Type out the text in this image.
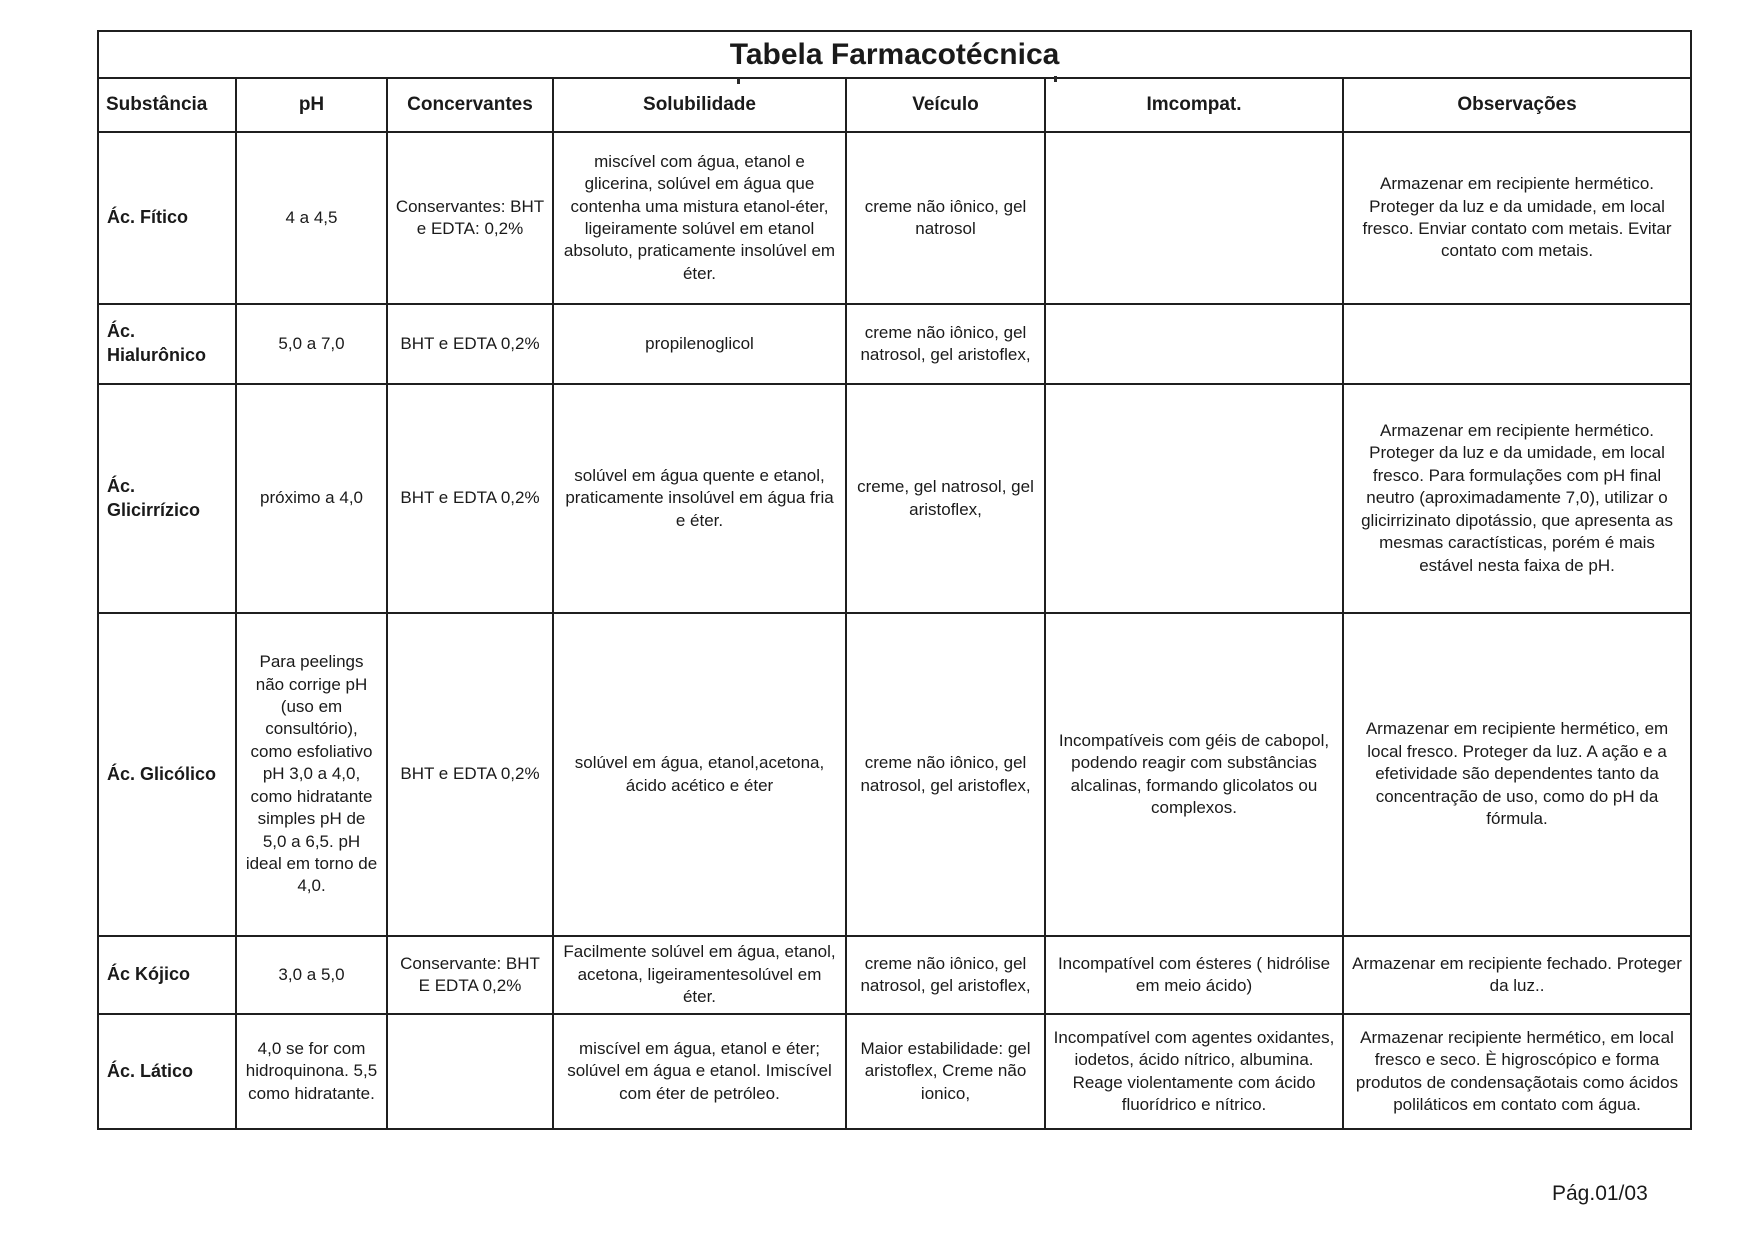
Tabela Farmacotécnica						
Substância	pH	Concervantes	Solubilidade	Veículo	Imcompat.	Observações
Ác. Fítico	4 a 4,5	Conservantes: BHT e EDTA: 0,2%	miscível com água, etanol e glicerina, solúvel em água que contenha uma mistura etanol-éter, ligeiramente solúvel em etanol absoluto, praticamente insolúvel em éter.	creme não iônico, gel natrosol		Armazenar em recipiente hermético. Proteger da luz e da umidade, em local fresco. Enviar contato com metais. Evitar contato com metais.
Ác. Hialurônico	5,0 a 7,0	BHT e EDTA 0,2%	propilenoglicol	creme não iônico, gel natrosol, gel aristoflex,		
Ác. Glicirrízico	próximo a 4,0	BHT e EDTA 0,2%	solúvel em água quente e etanol, praticamente insolúvel em água fria e éter.	creme, gel natrosol, gel aristoflex,		Armazenar em recipiente hermético. Proteger da luz e da umidade, em local fresco. Para formulações com pH final neutro (aproximadamente 7,0), utilizar o glicirrizinato dipotássio, que apresenta as mesmas caractísticas, porém é mais estável nesta faixa de pH.
Ác. Glicólico	Para peelings não corrige pH (uso em consultório), como esfoliativo pH 3,0 a 4,0, como hidratante simples pH de 5,0 a 6,5. pH ideal em torno de 4,0.	BHT e EDTA 0,2%	solúvel em água, etanol,acetona, ácido acético e éter	creme não iônico, gel natrosol, gel aristoflex,	Incompatíveis com géis de cabopol, podendo reagir com substâncias alcalinas, formando glicolatos ou complexos.	Armazenar em recipiente hermético, em local fresco. Proteger da luz. A ação e a efetividade são dependentes tanto da concentração de uso, como do pH da fórmula.
Ác Kójico	3,0 a 5,0	Conservante: BHT E EDTA 0,2%	Facilmente solúvel em água, etanol, acetona, ligeiramentesolúvel em éter.	creme não iônico, gel natrosol, gel aristoflex,	Incompatível com ésteres ( hidrólise em meio ácido)	Armazenar em recipiente fechado. Proteger da luz..
Ác. Lático	4,0 se for com hidroquinona. 5,5 como hidratante.		miscível em água, etanol e éter; solúvel em água e etanol. Imiscível com éter de petróleo.	Maior estabilidade: gel aristoflex, Creme não ionico,	Incompatível com agentes oxidantes, iodetos, ácido nítrico, albumina. Reage violentamente com ácido fluorídrico e nítrico.	Armazenar recipiente hermético, em local fresco e seco. È higroscópico e forma produtos de condensaçãotais como ácidos poliláticos em contato com água.
Pág.01/03
